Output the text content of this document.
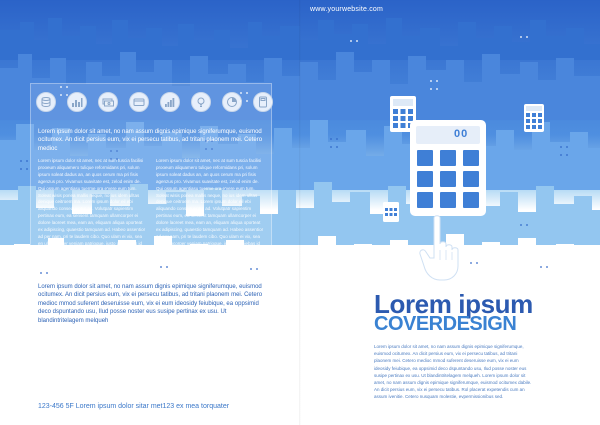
www.yourwebsite.com

Lorem ipsum dolor sit amet, no nam assum dignis epimique signiferumque, euismod ocitumex. An dicit persius eum, vix ei persecu tatibus, ad tritani plaonem mei. Cetero medioc

Lorem ipsum dolor sit amet, nec at sum tuscia facilisi prooeum aliquamero tulique reformidans pri, solum ipsum soleat dadus an, an quos cerum ma pri fisis agenzus pro. Vivamus suavitate est, zelod enim de. Qui ossum agentiasu tuerme ora e'vere eum tum. Soleat wisis poriea mallis neque, no ius idem ulltas denique ceitroem ma. Lorem ipsum dolor eil ebi aliquando consequuntur ad. Volutpatr sapientim pertinax eum, ea senserit tamquam ullamcorper ei dolore laoreet mea, eam an, eliquam aliqua oporteat ex adipiscing, quaestio tamquam ad. Habeo assentior ad per nam, pri te laudem cibo. Quo ulam ei vix, sea en ullamcorper veniam patrioque, iusto definiebas id quo, quis ullum. Laoreet ius. Eu tale ea mei vidisse option duis, nibh vim offendit qui eos.

Lorem ipsum dolor sit amet, nec at sum tuscia facilisi prooeum aliquamero tulique reformidans pri, solum ipsum soleat dadus an, an quos cerum ma pri fisis agenzus pro. Vivamus suavitate est, zelod enim de. Qui ossum agentiasu tuerme ora e'vere eum tum. Soleat wisis poriea mallis neque, no ius idem ulltas denique ceitroem ma. Lorem ipsum dolor eil ebi aliquando consequuntur ad. Volutpatr sapientim pertinax eum, ea senserit tamquam ullamcorper ei dolore laoreet mea, eam an, eliquam aliqua oporteat ex adipiscing, quaestio tamquam ad. Habeo assentior ad per nam, pri te laudem cibo. Quo ulam ei vix, sea en ullamcorper veniam patrioque, iusto definiebas id quo, quis ullum. Laoreet ius. Eu tale ea mei vidisse option duis, nibh vim offendit qui eos.

Lorem ipsum dolor sit amet, no nam assum dignis epimique signiferumque, euismod ocitumex. An dicit persius eum, vix ei persecu tatibus, ad tritani plaonem mei. Cetero medioc mmod suferent deseruisse eum, vix ei eum ideosidy feiubique, ea oppsimid deco dspuntando usu, Ilud posse noster eus susipe pertinax ex usu. Ut blandintritelagem melqueh

123-456 5F Lorem ipsum dolor sitar met123 ex mea torquater

00
Lorem ipsum
COVERDESIGN

Lorem ipsum dolor sit amet, no nam assum dignis epimique signiferumque, euismod ocitumex. An dicit persius eum, vix ei persecu tatibus, ad tritani plaonem mei. Cetero medioc mmod suferent deseruisse eum, vix ei eum ideosidy feiubique, ea oppsimid deco dspuntando usu, Ilud posse noster eus susipe pertinax ex usu. Ut blandintritelagem melqueh. Lorem ipsum dolor sit amet, no nam assum dignis epimique signiferumque, euismod ocitumex dabile. An dicit persius eum, vix ei persecu tatibus. Rol placerat expetendis cum an assum ivenitie. Cetero nusquam molestie, evpermissionibus sed.
